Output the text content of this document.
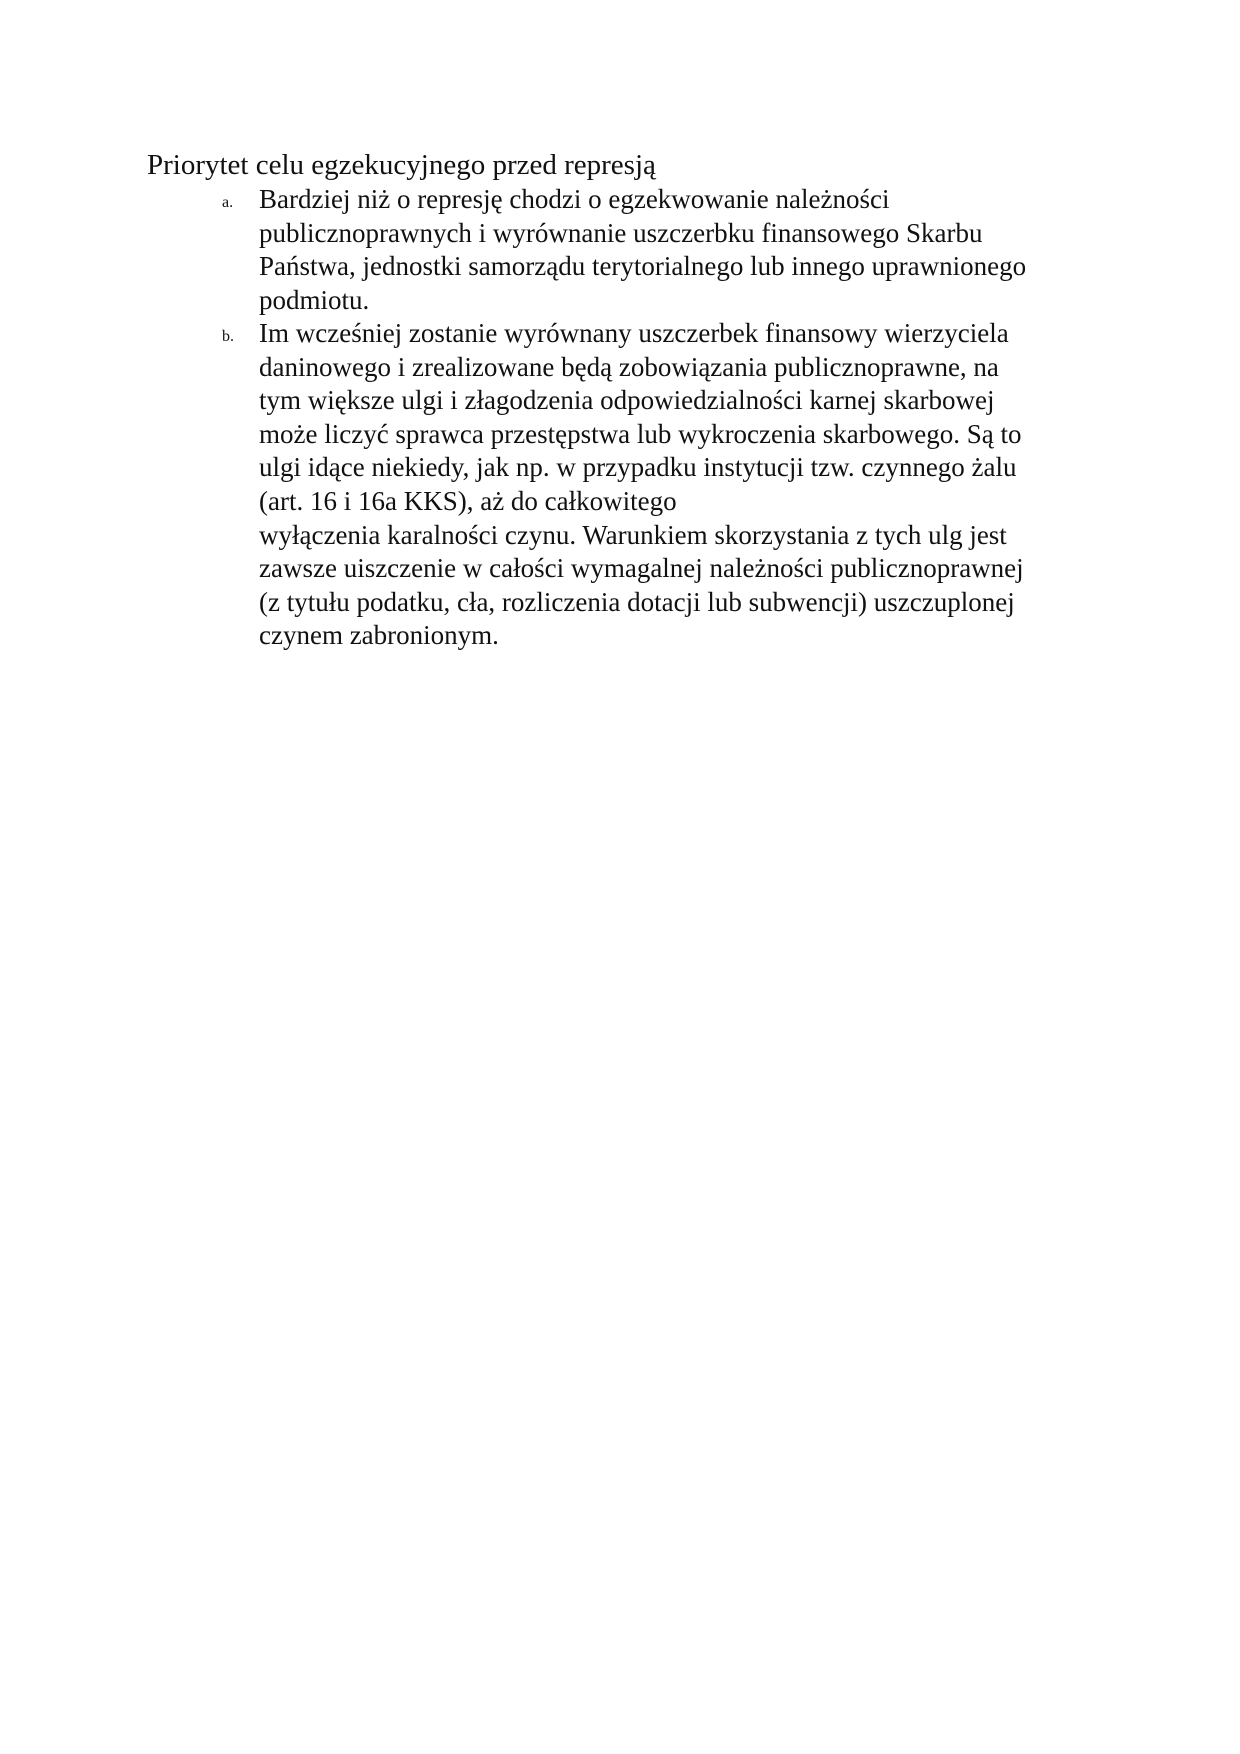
Priorytet celu egzekucyjnego przed represją
a. Bardziej niż o represję chodzi o egzekwowanie należności
publicznoprawnych i wyrównanie uszczerbku finansowego Skarbu
Państwa, jednostki samorządu terytorialnego lub innego uprawnionego
podmiotu.
b. Im wcześniej zostanie wyrównany uszczerbek finansowy wierzyciela
daninowego i zrealizowane będą zobowiązania publicznoprawne, na
tym większe ulgi i złagodzenia odpowiedzialności karnej skarbowej
może liczyć sprawca przestępstwa lub wykroczenia skarbowego. Są to
ulgi idące niekiedy, jak np. w przypadku instytucji tzw. czynnego żalu
(art. 16 i 16a KKS), aż do całkowitego
wyłączenia karalności czynu. Warunkiem skorzystania z tych ulg jest
zawsze uiszczenie w całości wymagalnej należności publicznoprawnej
(z tytułu podatku, cła, rozliczenia dotacji lub subwencji) uszczuplonej
czynem zabronionym.
